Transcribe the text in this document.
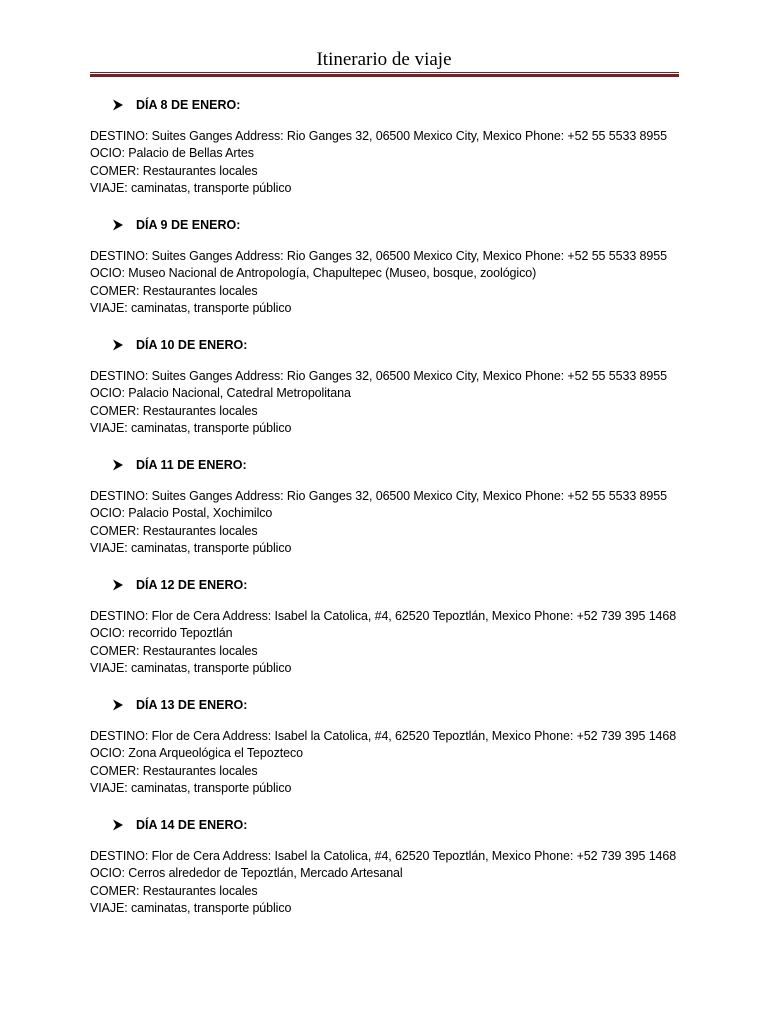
Itinerario de viaje
DÍA 8 DE ENERO:
DESTINO: Suites Ganges Address: Rio Ganges 32, 06500 Mexico City, Mexico Phone: +52 55 5533 8955
OCIO: Palacio de Bellas Artes
COMER: Restaurantes locales
VIAJE: caminatas, transporte público
DÍA 9 DE ENERO:
DESTINO: Suites Ganges Address: Rio Ganges 32, 06500 Mexico City, Mexico Phone: +52 55 5533 8955
OCIO: Museo Nacional de Antropología, Chapultepec (Museo, bosque, zoológico)
COMER: Restaurantes locales
VIAJE: caminatas, transporte público
DÍA 10 DE ENERO:
DESTINO: Suites Ganges Address: Rio Ganges 32, 06500 Mexico City, Mexico Phone: +52 55 5533 8955
OCIO: Palacio Nacional, Catedral Metropolitana
COMER: Restaurantes locales
VIAJE: caminatas, transporte público
DÍA 11 DE ENERO:
DESTINO: Suites Ganges Address: Rio Ganges 32, 06500 Mexico City, Mexico Phone: +52 55 5533 8955
OCIO: Palacio Postal, Xochimilco
COMER: Restaurantes locales
VIAJE: caminatas, transporte público
DÍA 12 DE ENERO:
DESTINO: Flor de Cera Address: Isabel la Catolica, #4, 62520 Tepoztlán, Mexico Phone: +52 739 395 1468
OCIO: recorrido Tepoztlán
COMER: Restaurantes locales
VIAJE: caminatas, transporte público
DÍA 13 DE ENERO:
DESTINO: Flor de Cera Address: Isabel la Catolica, #4, 62520 Tepoztlán, Mexico Phone: +52 739 395 1468
OCIO: Zona Arqueológica el Tepozteco
COMER: Restaurantes locales
VIAJE: caminatas, transporte público
DÍA 14 DE ENERO:
DESTINO: Flor de Cera Address: Isabel la Catolica, #4, 62520 Tepoztlán, Mexico Phone: +52 739 395 1468
OCIO: Cerros alrededor de Tepoztlán, Mercado Artesanal
COMER: Restaurantes locales
VIAJE: caminatas, transporte público
